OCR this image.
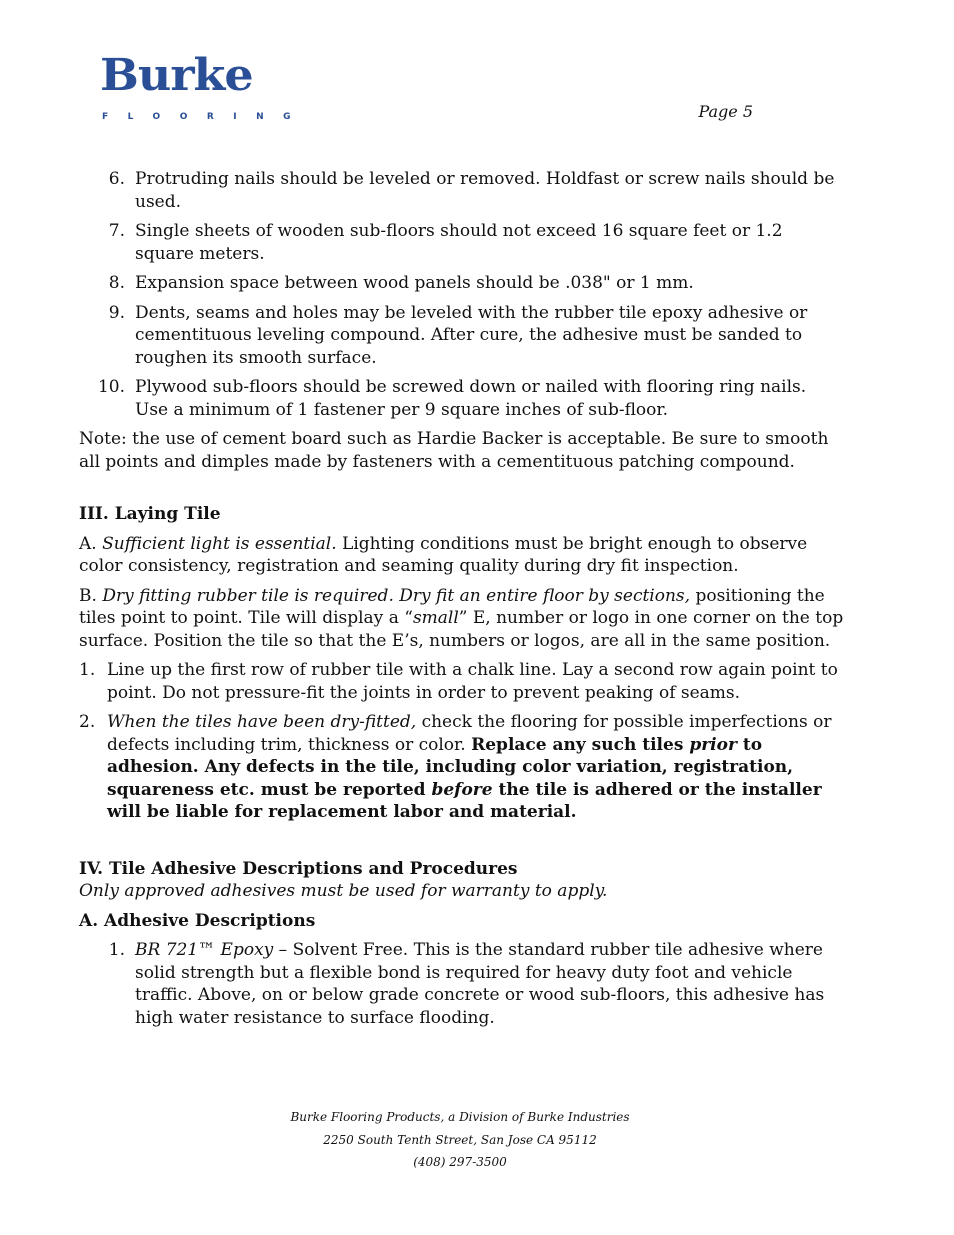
Burke
FLOORING	Page 5
6. Protruding nails should be leveled or removed. Holdfast or screw nails should be used.
7. Single sheets of wooden sub-floors should not exceed 16 square feet or 1.2 square meters.
8. Expansion space between wood panels should be .038" or 1 mm.
9. Dents, seams and holes may be leveled with the rubber tile epoxy adhesive or cementituous leveling compound. After cure, the adhesive must be sanded to roughen its smooth surface.
10. Plywood sub-floors should be screwed down or nailed with flooring ring nails. Use a minimum of 1 fastener per 9 square inches of sub-floor.

Note: the use of cement board such as Hardie Backer is acceptable. Be sure to smooth all points and dimples made by fasteners with a cementituous patching compound.

III. Laying Tile

A. Sufficient light is essential. Lighting conditions must be bright enough to observe color consistency, registration and seaming quality during dry fit inspection.

B. Dry fitting rubber tile is required. Dry fit an entire floor by sections, positioning the tiles point to point. Tile will display a “small” E, number or logo in one corner on the top surface. Position the tile so that the E’s, numbers or logos, are all in the same position.

1. Line up the first row of rubber tile with a chalk line. Lay a second row again point to point. Do not pressure-fit the joints in order to prevent peaking of seams.
2. When the tiles have been dry-fitted, check the flooring for possible imperfections or defects including trim, thickness or color. Replace any such tiles prior to adhesion. Any defects in the tile, including color variation, registration, squareness etc. must be reported before the tile is adhered or the installer will be liable for replacement labor and material.

IV. Tile Adhesive Descriptions and Procedures

Only approved adhesives must be used for warranty to apply.

A. Adhesive Descriptions

1. BR 721™ Epoxy – Solvent Free. This is the standard rubber tile adhesive where solid strength but a flexible bond is required for heavy duty foot and vehicle traffic. Above, on or below grade concrete or wood sub-floors, this adhesive has high water resistance to surface flooding.
Burke Flooring Products, a Division of Burke Industries
2250 South Tenth Street, San Jose CA 95112
(408) 297-3500
